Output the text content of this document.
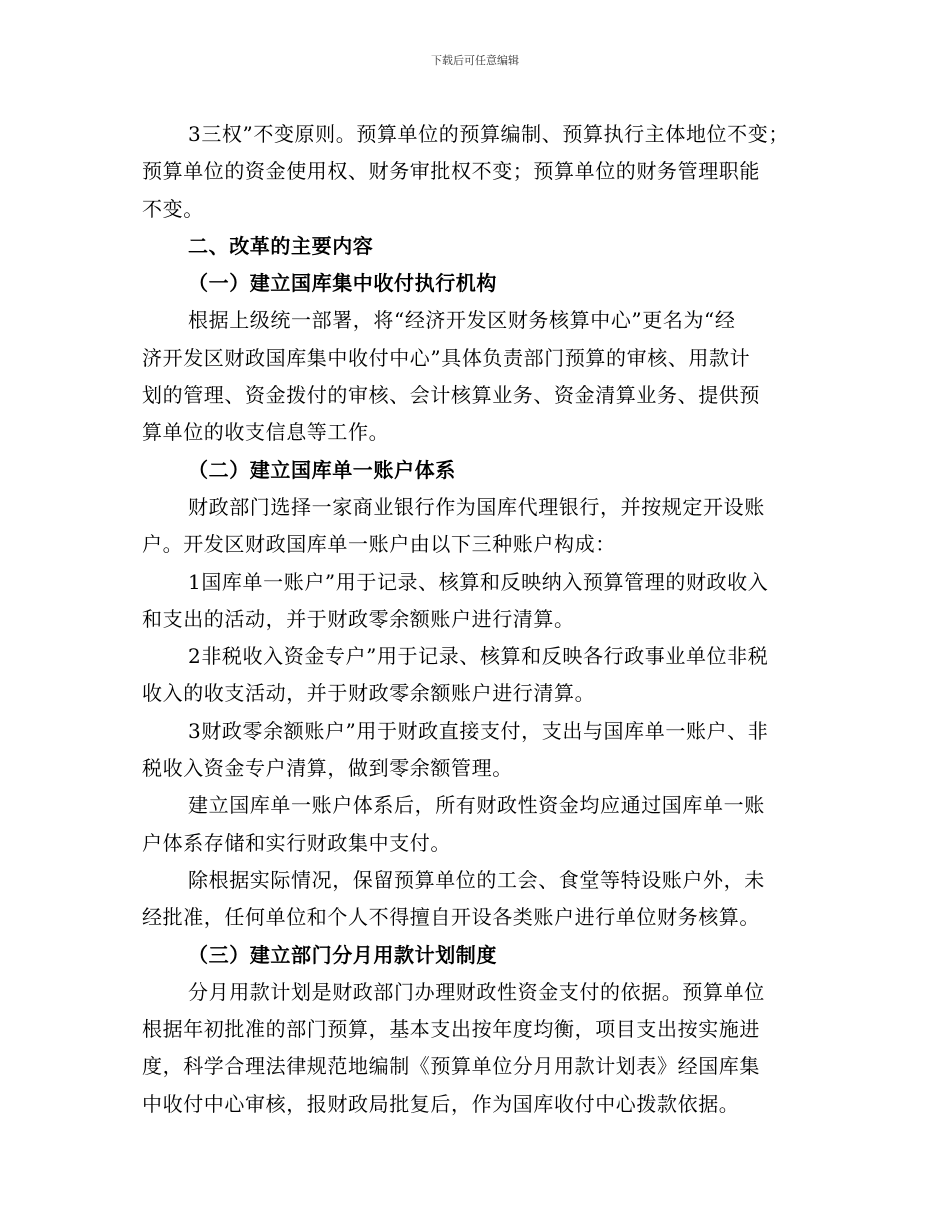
下载后可任意编辑
3三权”不变原则。预算单位的预算编制、预算执行主体地位不变；
预算单位的资金使用权、财务审批权不变；预算单位的财务管理职能
不变。
二、改革的主要内容
（一）建立国库集中收付执行机构
根据上级统一部署，将“经济开发区财务核算中心”更名为“经
济开发区财政国库集中收付中心”具体负责部门预算的审核、用款计
划的管理、资金拨付的审核、会计核算业务、资金清算业务、提供预
算单位的收支信息等工作。
（二）建立国库单一账户体系
财政部门选择一家商业银行作为国库代理银行，并按规定开设账
户。开发区财政国库单一账户由以下三种账户构成：
1国库单一账户”用于记录、核算和反映纳入预算管理的财政收入
和支出的活动，并于财政零余额账户进行清算。
2非税收入资金专户”用于记录、核算和反映各行政事业单位非税
收入的收支活动，并于财政零余额账户进行清算。
3财政零余额账户”用于财政直接支付，支出与国库单一账户、非
税收入资金专户清算，做到零余额管理。
建立国库单一账户体系后，所有财政性资金均应通过国库单一账
户体系存储和实行财政集中支付。
除根据实际情况，保留预算单位的工会、食堂等特设账户外，未
经批准，任何单位和个人不得擅自开设各类账户进行单位财务核算。
（三）建立部门分月用款计划制度
分月用款计划是财政部门办理财政性资金支付的依据。预算单位
根据年初批准的部门预算，基本支出按年度均衡，项目支出按实施进
度，科学合理法律规范地编制《预算单位分月用款计划表》经国库集
中收付中心审核，报财政局批复后，作为国库收付中心拨款依据。
